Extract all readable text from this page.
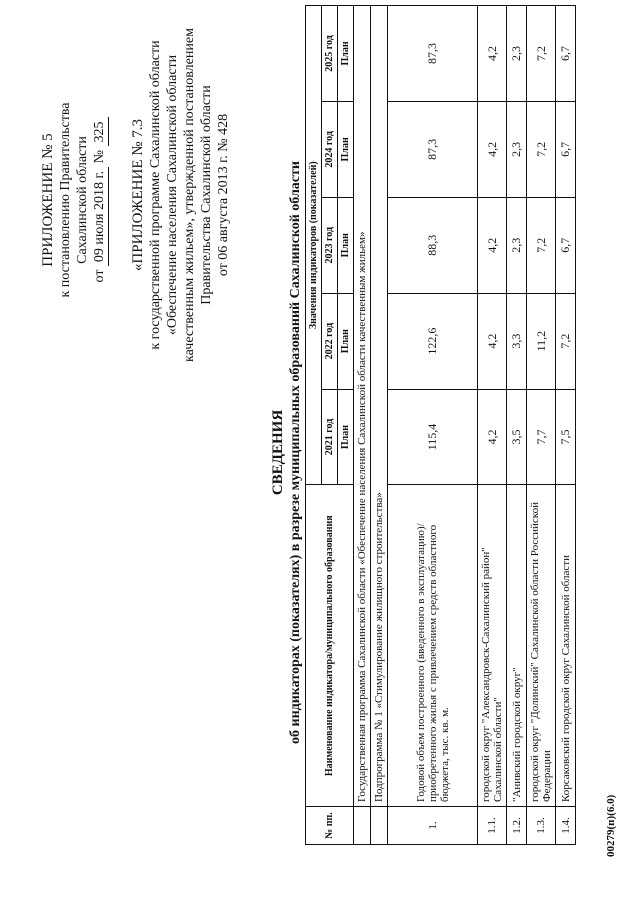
ПРИЛОЖЕНИЕ № 5 к постановлению Правительства Сахалинской области
от 09 июля 2018 г. № 325 «ПРИЛОЖЕНИЕ № 7.3 к государственной программе Сахалинской области «Обеспечение населения Сахалинской области качественным жильем», утвержденной постановлением Правительства Сахалинской области от 06 августа 2013 г. № 428
СВЕДЕНИЯ об индикаторах (показателях) в разрезе муниципальных образований Сахалинской области
№ пп.	Наименование индикатора/муниципального образования	Значения индикаторов (показателей)				
		2021 год	2022 год	2023 год	2024 год	2025 год
		План	План	План	План	План
	Государственная программа Сахалинской области «Обеспечение населения Сахалинской области качественным жильем»					
	Подпрограмма № 1 «Стимулирование жилищного строительства»					
1.	Годовой объем построенного (введенного в эксплуатацию)/приобретенного жилья с привлечением средств областного бюджета, тыс. кв. м.	115,4	122,6	88,3	87,3	87,3
1.1.	городской округ "Александровск-Сахалинский район" Сахалинской области"	4,2	4,2	4,2	4,2	4,2
1.2.	"Анивский городской округ"	3,5	3,3	2,3	2,3	2,3
1.3.	городской округ "Долинский" Сахалинской области Российской Федерации	7,7	11,2	7,2	7,2	7,2
1.4.	Корсаковский городской округ Сахалинской области	7,5	7,2	6,7	6,7	6,7
00279(п)(6.0)
